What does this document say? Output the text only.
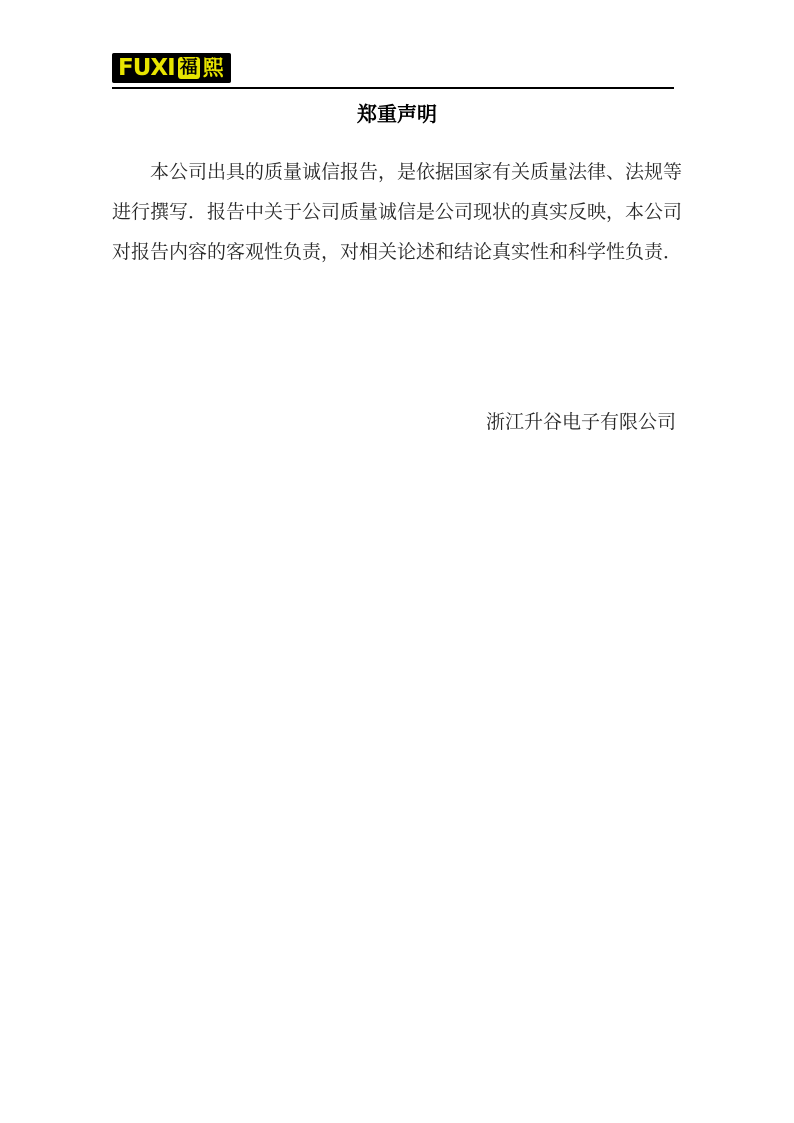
FUXI 福 熙
郑重声明
本公司出具的质量诚信报告，是依据国家有关质量法律、法规等
进行撰写．报告中关于公司质量诚信是公司现状的真实反映，本公司
对报告内容的客观性负责，对相关论述和结论真实性和科学性负责．
浙江升谷电子有限公司
